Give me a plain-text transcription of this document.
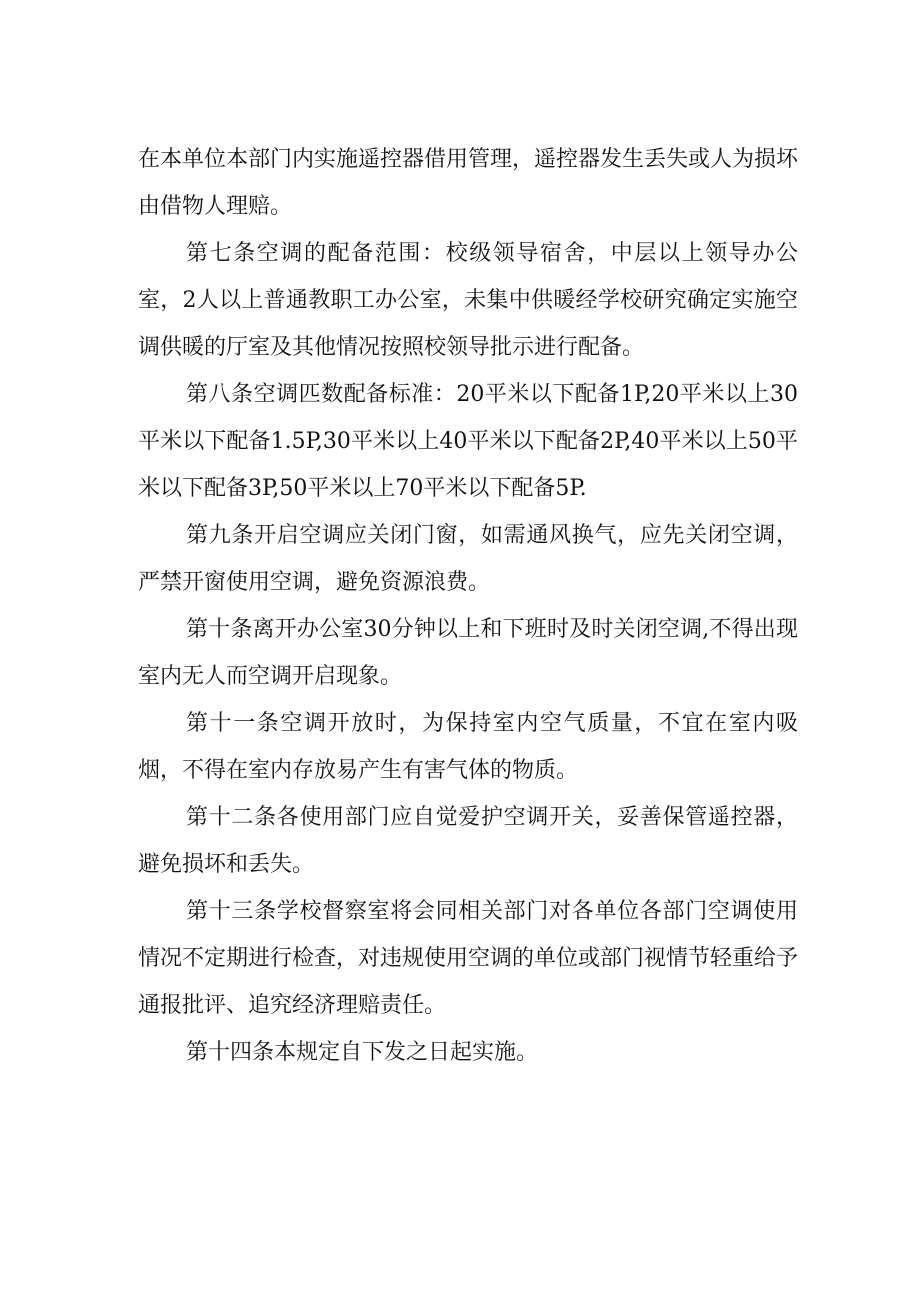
在本单位本部门内实施遥控器借用管理，遥控器发生丢失或人为损坏由借物人理赔。

第七条空调的配备范围：校级领导宿舍，中层以上领导办公室，2人以上普通教职工办公室，未集中供暖经学校研究确定实施空调供暖的厅室及其他情况按照校领导批示进行配备。

第八条空调匹数配备标准：20平米以下配备1P,20平米以上30平米以下配备1.5P,30平米以上40平米以下配备2P,40平米以上50平米以下配备3P,50平米以上70平米以下配备5P.

第九条开启空调应关闭门窗，如需通风换气，应先关闭空调，严禁开窗使用空调，避免资源浪费。

第十条离开办公室30分钟以上和下班时及时关闭空调,不得出现室内无人而空调开启现象。

第十一条空调开放时，为保持室内空气质量，不宜在室内吸烟，不得在室内存放易产生有害气体的物质。

第十二条各使用部门应自觉爱护空调开关，妥善保管遥控器，避免损坏和丢失。

第十三条学校督察室将会同相关部门对各单位各部门空调使用情况不定期进行检查，对违规使用空调的单位或部门视情节轻重给予通报批评、追究经济理赔责任。

第十四条本规定自下发之日起实施。
